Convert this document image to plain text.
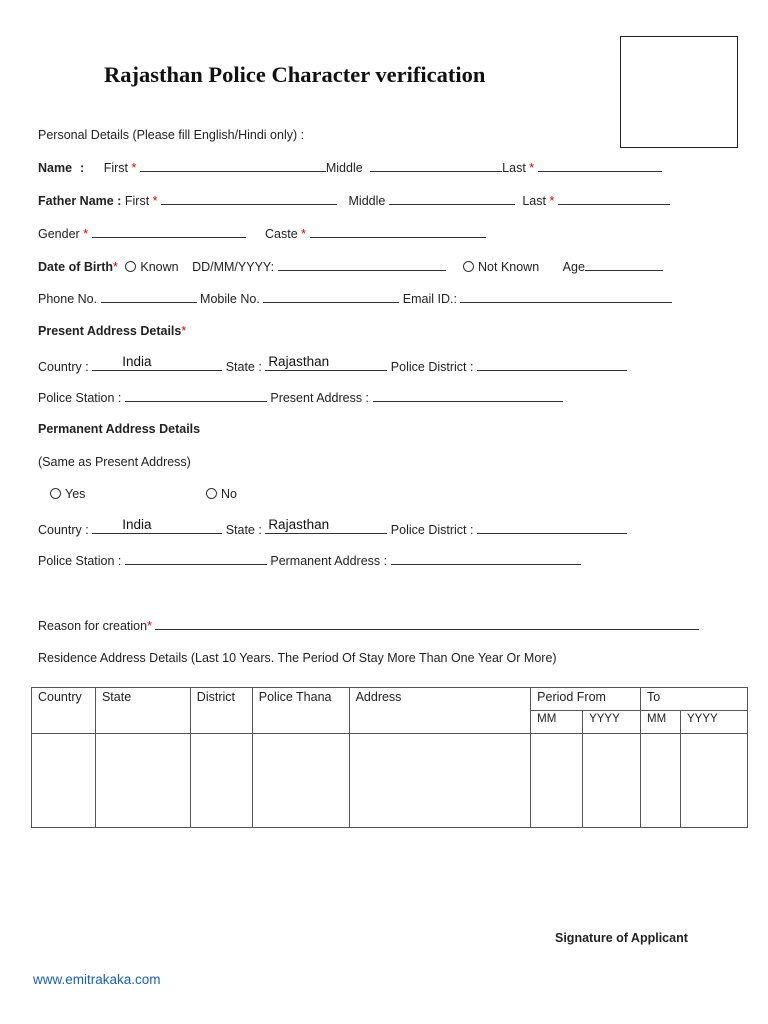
Rajasthan Police Character verification
Personal Details (Please fill English/Hindi only) :
Name : First *	Middle	Last *
Father Name : First *	Middle	Last *
Gender *	Caste *
Date of Birth* Known DD/MM/YYYY:	Not Known Age
Phone No.	Mobile No.	Email ID.:
Present Address Details*
Country : India	State : Rajasthan	Police District :
Police Station :	Present Address :
Permanent Address Details
(Same as Present Address)
Yes	No
Country : India	State : Rajasthan	Police District :
Police Station :	Permanent Address :
Reason for creation*
Residence Address Details (Last 10 Years. The Period Of Stay More Than One Year Or More)
Country	State	District	Police Thana	Address	Period From		To	
					MM	YYYY	MM	YYYY

Signature of Applicant
www.emitrakaka.com
